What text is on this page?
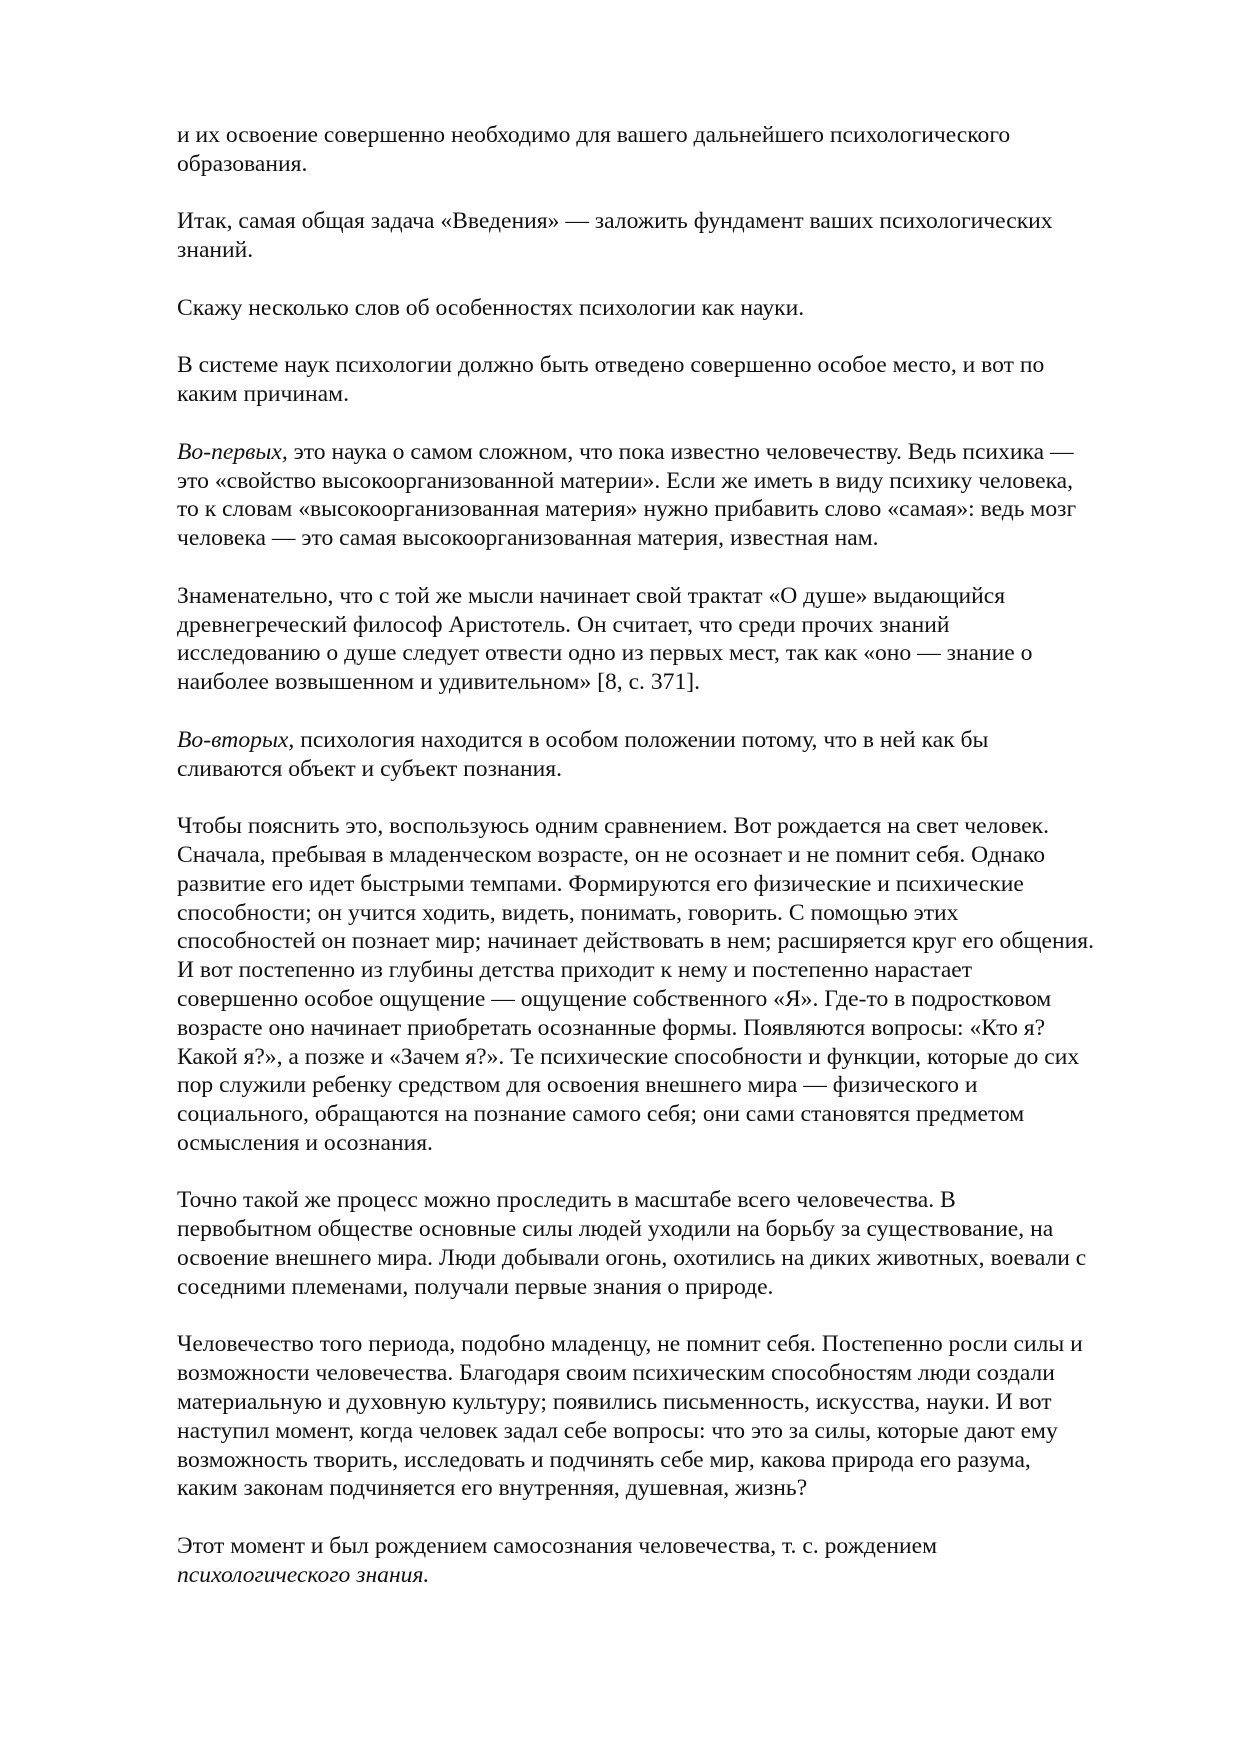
и их освоение совершенно необходимо для вашего дальнейшего психологического
образования.

Итак, самая общая задача «Введения» — заложить фундамент ваших психологических
знаний.

Скажу несколько слов об особенностях психологии как науки.

В системе наук психологии должно быть отведено совершенно особое место, и вот по
каким причинам.

Во-первых, это наука о самом сложном, что пока известно человечеству. Ведь психика —
это «свойство высокоорганизованной материи». Если же иметь в виду психику человека,
то к словам «высокоорганизованная материя» нужно прибавить слово «самая»: ведь мозг
человека — это самая высокоорганизованная материя, известная нам.

Знаменательно, что с той же мысли начинает свой трактат «О душе» выдающийся
древнегреческий философ Аристотель. Он считает, что среди прочих знаний
исследованию о душе следует отвести одно из первых мест, так как «оно — знание о
наиболее возвышенном и удивительном» [8, с. 371].

Во-вторых, психология находится в особом положении потому, что в ней как бы
сливаются объект и субъект познания.

Чтобы пояснить это, воспользуюсь одним сравнением. Вот рождается на свет человек.
Сначала, пребывая в младенческом возрасте, он не осознает и не помнит себя. Однако
развитие его идет быстрыми темпами. Формируются его физические и психические
способности; он учится ходить, видеть, понимать, говорить. С помощью этих
способностей он познает мир; начинает действовать в нем; расширяется круг его общения.
И вот постепенно из глубины детства приходит к нему и постепенно нарастает
совершенно особое ощущение — ощущение собственного «Я». Где-то в подростковом
возрасте оно начинает приобретать осознанные формы. Появляются вопросы: «Кто я?
Какой я?», а позже и «Зачем я?». Те психические способности и функции, которые до сих
пор служили ребенку средством для освоения внешнего мира — физического и
социального, обращаются на познание самого себя; они сами становятся предметом
осмысления и осознания.

Точно такой же процесс можно проследить в масштабе всего человечества. В
первобытном обществе основные силы людей уходили на борьбу за существование, на
освоение внешнего мира. Люди добывали огонь, охотились на диких животных, воевали с
соседними племенами, получали первые знания о природе.

Человечество того периода, подобно младенцу, не помнит себя. Постепенно росли силы и
возможности человечества. Благодаря своим психическим способностям люди создали
материальную и духовную культуру; появились письменность, искусства, науки. И вот
наступил момент, когда человек задал себе вопросы: что это за силы, которые дают ему
возможность творить, исследовать и подчинять себе мир, какова природа его разума,
каким законам подчиняется его внутренняя, душевная, жизнь?

Этот момент и был рождением самосознания человечества, т. с. рождением
психологического знания.
